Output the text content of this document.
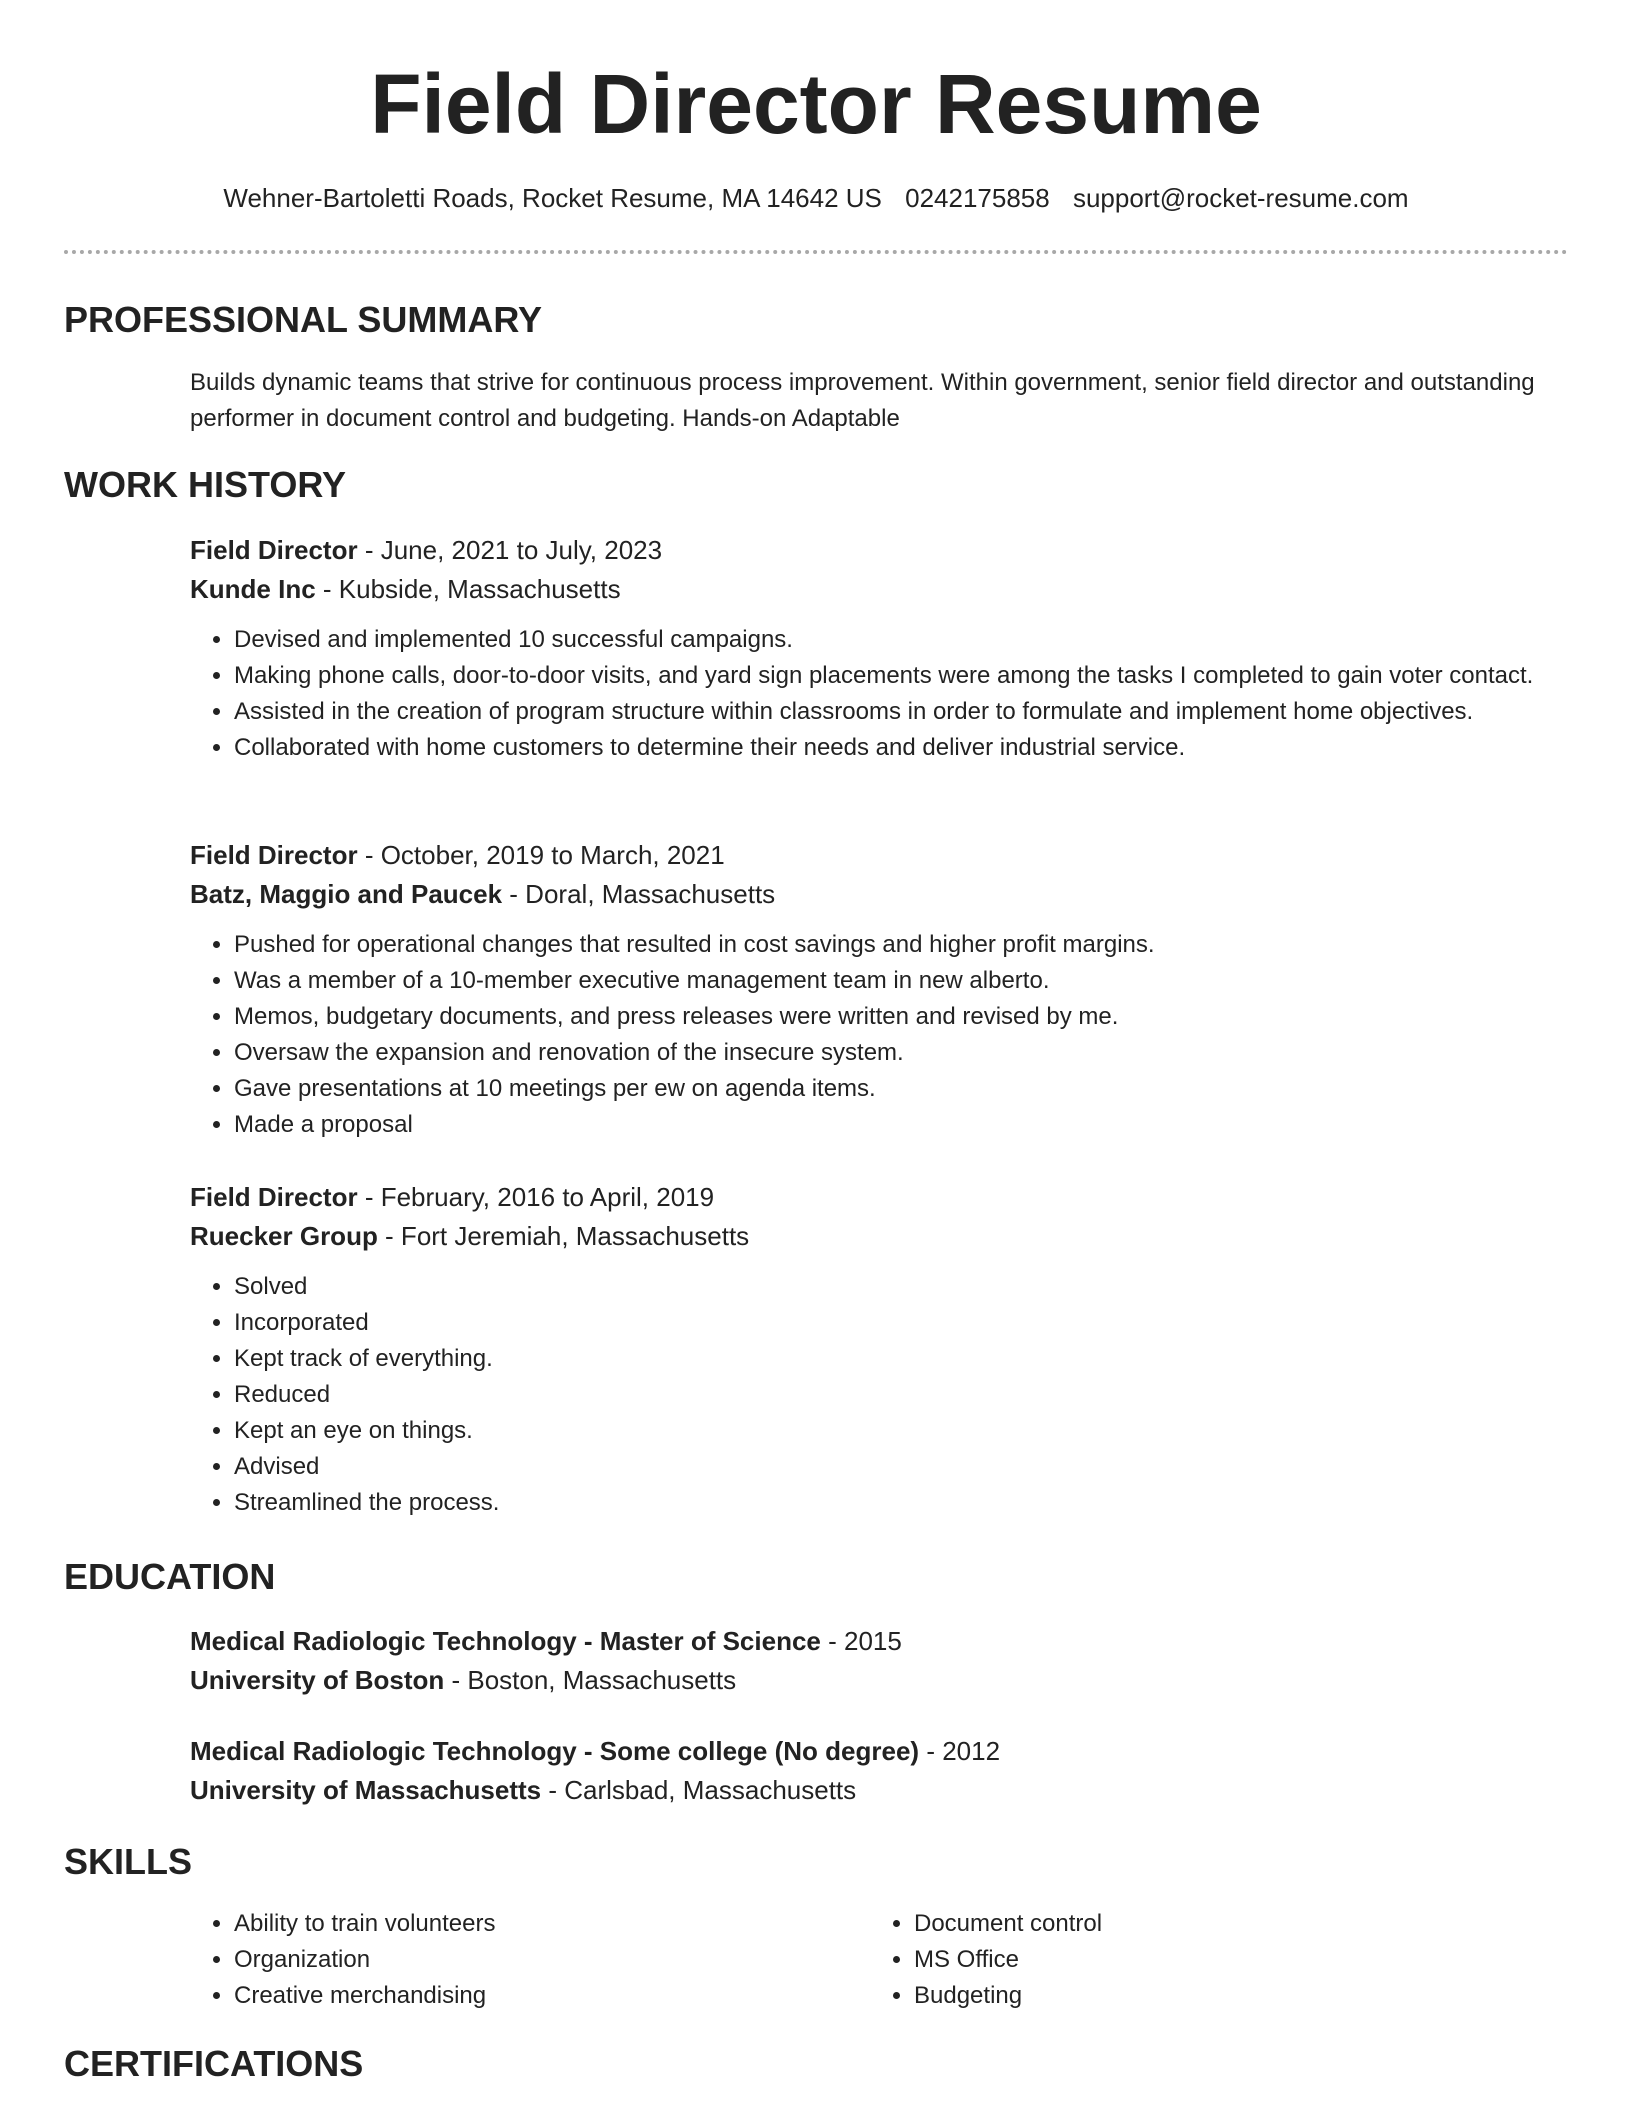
Field Director Resume
Wehner-Bartoletti Roads, Rocket Resume, MA 14642 US 0242175858 support@rocket-resume.com
PROFESSIONAL SUMMARY

Builds dynamic teams that strive for continuous process improvement. Within government, senior field director and outstanding performer in document control and budgeting. Hands-on Adaptable

WORK HISTORY
Field Director - June, 2021 to July, 2023
Kunde Inc - Kubside, Massachusetts
• Devised and implemented 10 successful campaigns.
• Making phone calls, door-to-door visits, and yard sign placements were among the tasks I completed to gain voter contact.
• Assisted in the creation of program structure within classrooms in order to formulate and implement home objectives.
• Collaborated with home customers to determine their needs and deliver industrial service.
Field Director - October, 2019 to March, 2021
Batz, Maggio and Paucek - Doral, Massachusetts
• Pushed for operational changes that resulted in cost savings and higher profit margins.
• Was a member of a 10-member executive management team in new alberto.
• Memos, budgetary documents, and press releases were written and revised by me.
• Oversaw the expansion and renovation of the insecure system.
• Gave presentations at 10 meetings per ew on agenda items.
• Made a proposal
Field Director - February, 2016 to April, 2019
Ruecker Group - Fort Jeremiah, Massachusetts
• Solved
• Incorporated
• Kept track of everything.
• Reduced
• Kept an eye on things.
• Advised
• Streamlined the process.
EDUCATION
Medical Radiologic Technology - Master of Science - 2015
University of Boston - Boston, Massachusetts
Medical Radiologic Technology - Some college (No degree) - 2012
University of Massachusetts - Carlsbad, Massachusetts
SKILLS
• Ability to train volunteers
• Organization
• Creative merchandising
• Document control
• MS Office
• Budgeting
CERTIFICATIONS
